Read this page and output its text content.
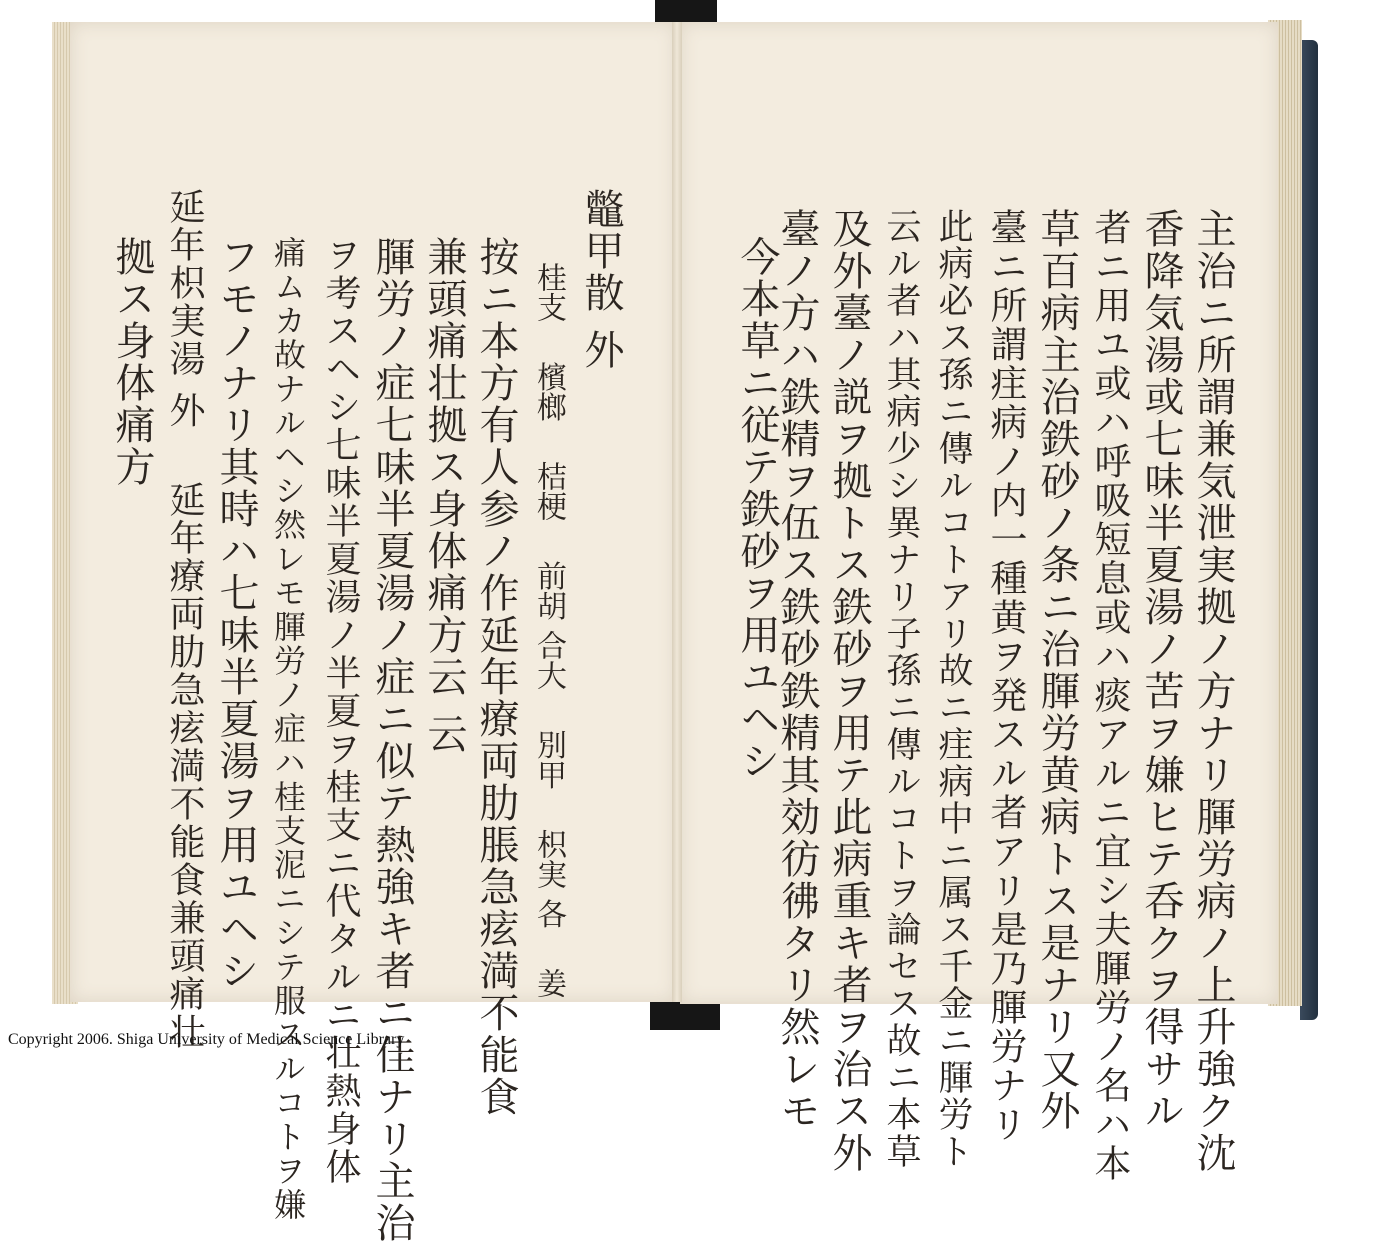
主治ニ所謂兼気泄実拠ノ方ナリ腪労病ノ上升強ク沈
香降気湯或七味半夏湯ノ苦ヲ嫌ヒテ呑クヲ得サル
者ニ用ユ或ハ呼吸短息或ハ痰アルニ宜シ夫腪労ノ名ハ本
草百病主治鉄砂ノ条ニ治腪労黄病トス是ナリ又外
臺ニ所謂疰病ノ内一種黄ヲ発スル者アリ是乃腪労ナリ
此病必ス孫ニ傳ルコトアリ故ニ疰病中ニ属ス千金ニ腪労ト
云ル者ハ其病少シ異ナリ子孫ニ傳ルコトヲ論セス故ニ本草
及外臺ノ説ヲ拠トス鉄砂ヲ用テ此病重キ者ヲ治ス外
臺ノ方ハ鉄精ヲ伍ス鉄砂鉄精其効彷彿タリ然レモ
今本草ニ従テ鉄砂ヲ用ユヘシ
鼈甲散 外
桂支 　檳榔 　桔梗 　前胡 合大 　別甲 　枳実 各 　姜
按ニ本方有人参ノ作延年療両肋脹急痃満不能食
兼頭痛壮拠ス身体痛方云 云
腪労ノ症七味半夏湯ノ症ニ似テ熱強キ者ニ佳ナリ主治
ヲ考スヘシ七味半夏湯ノ半夏ヲ桂支ニ代タルニ壮熱身体
痛ムカ故ナルヘシ然レモ腪労ノ症ハ桂支泥ニシテ服スルコトヲ嫌
フモノナリ其時ハ七味半夏湯ヲ用ユヘシ
延年枳実湯 外 　延年療両肋急痃満不能食兼頭痛壮
拠ス身体痛方
Copyright 2006. Shiga University of Medical Science Library
